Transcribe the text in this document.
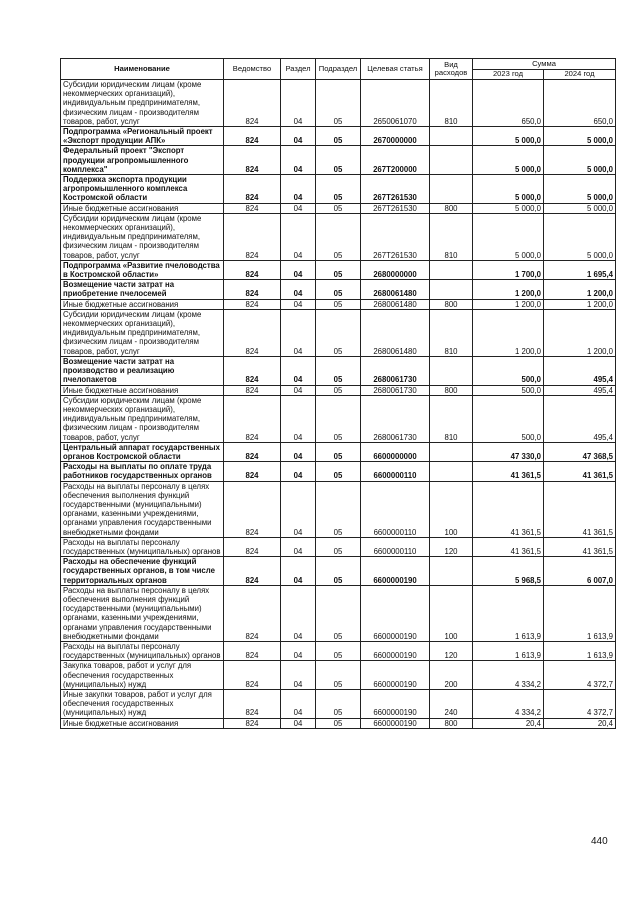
Наименование	Ведомство	Раздел	Подраздел	Целевая статья	Вид расходов	Сумма	
						2023 год	2024 год
Субсидии юридическим лицам (кроме некоммерческих организаций), индивидуальным предпринимателям, физическим лицам - производителям товаров, работ, услуг	824	04	05	2650061070	810	650,0	650,0
Подпрограмма «Региональный проект «Экспорт продукции АПК»	824	04	05	2670000000		5 000,0	5 000,0
Федеральный проект "Экспорт продукции агропромышленного комплекса"	824	04	05	267T200000		5 000,0	5 000,0
Поддержка экспорта продукции агропромышленного комплекса Костромской области	824	04	05	267T261530		5 000,0	5 000,0
Иные бюджетные ассигнования	824	04	05	267T261530	800	5 000,0	5 000,0
Субсидии юридическим лицам (кроме некоммерческих организаций), индивидуальным предпринимателям, физическим лицам - производителям товаров, работ, услуг	824	04	05	267T261530	810	5 000,0	5 000,0
Подпрограмма «Развитие пчеловодства в Костромской области»	824	04	05	2680000000		1 700,0	1 695,4
Возмещение части затрат на приобретение пчелосемей	824	04	05	2680061480		1 200,0	1 200,0
Иные бюджетные ассигнования	824	04	05	2680061480	800	1 200,0	1 200,0
Субсидии юридическим лицам (кроме некоммерческих организаций), индивидуальным предпринимателям, физическим лицам - производителям товаров, работ, услуг	824	04	05	2680061480	810	1 200,0	1 200,0
Возмещение части затрат на производство и реализацию пчелопакетов	824	04	05	2680061730		500,0	495,4
Иные бюджетные ассигнования	824	04	05	2680061730	800	500,0	495,4
Субсидии юридическим лицам (кроме некоммерческих организаций), индивидуальным предпринимателям, физическим лицам - производителям товаров, работ, услуг	824	04	05	2680061730	810	500,0	495,4
Центральный аппарат государственных органов Костромской области	824	04	05	6600000000		47 330,0	47 368,5
Расходы на выплаты по оплате труда работников государственных органов	824	04	05	6600000110		41 361,5	41 361,5
Расходы на выплаты персоналу в целях обеспечения выполнения функций государственными (муниципальными) органами, казенными учреждениями, органами управления государственными внебюджетными фондами	824	04	05	6600000110	100	41 361,5	41 361,5
Расходы на выплаты персоналу государственных (муниципальных) органов	824	04	05	6600000110	120	41 361,5	41 361,5
Расходы на обеспечение функций государственных органов, в том числе территориальных органов	824	04	05	6600000190		5 968,5	6 007,0
Расходы на выплаты персоналу в целях обеспечения выполнения функций государственными (муниципальными) органами, казенными учреждениями, органами управления государственными внебюджетными фондами	824	04	05	6600000190	100	1 613,9	1 613,9
Расходы на выплаты персоналу государственных (муниципальных) органов	824	04	05	6600000190	120	1 613,9	1 613,9
Закупка товаров, работ и услуг для обеспечения государственных (муниципальных) нужд	824	04	05	6600000190	200	4 334,2	4 372,7
Иные закупки товаров, работ и услуг для обеспечения государственных (муниципальных) нужд	824	04	05	6600000190	240	4 334,2	4 372,7
Иные бюджетные ассигнования	824	04	05	6600000190	800	20,4	20,4
440
